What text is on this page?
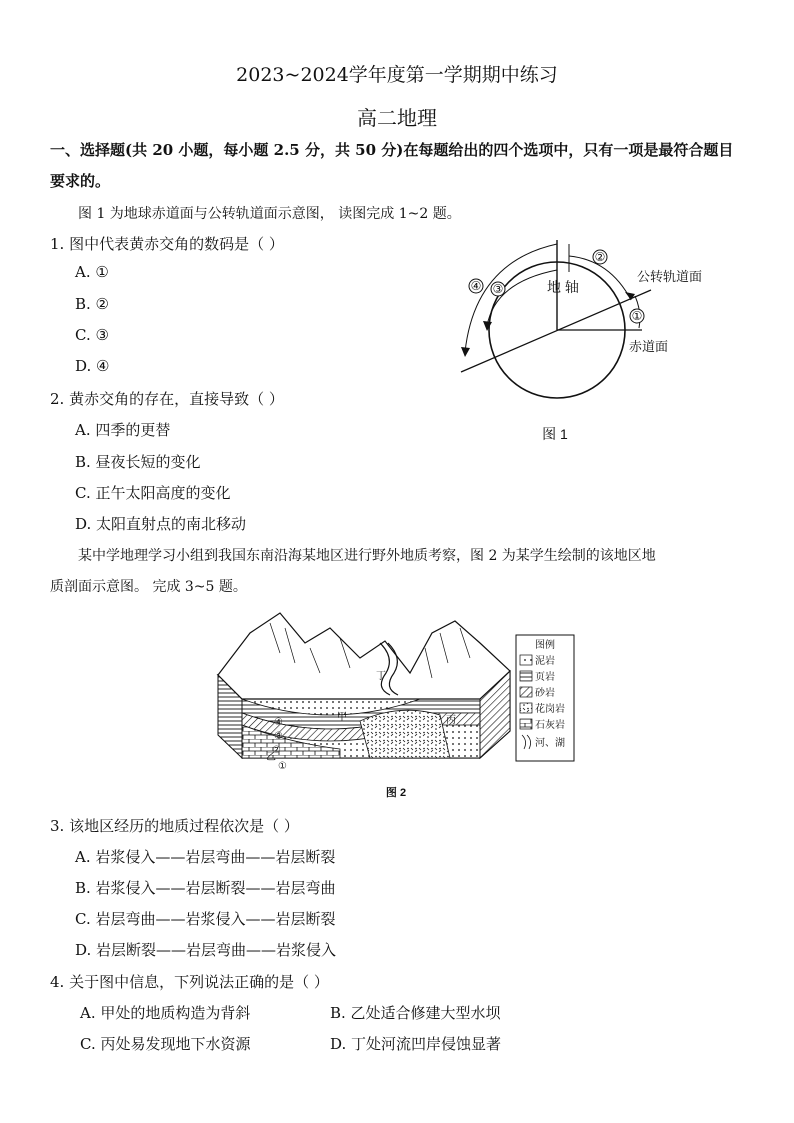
2023~2024学年度第一学期期中练习
高二地理
一、选择题(共 20 小题，每小题 2.5 分，共 50 分)在每题给出的四个选项中，只有一项是最符合题目
要求的。
图 1 为地球赤道面与公转轨道面示意图， 读图完成 1~2 题。
1. 图中代表黄赤交角的数码是（ ）
A. ①
B. ②
C. ③
D. ④
2. 黄赤交角的存在，直接导致（ ）
A. 四季的更替
B. 昼夜长短的变化
C. 正午太阳高度的变化
D. 太阳直射点的南北移动
②
④ ③
①
地 轴
公转轨道面
赤道面
图 1
某中学地理学习小组到我国东南沿海某地区进行野外地质考察，图 2 为某学生绘制的该地区地
质剖面示意图。 完成 3~5 题。
甲
乙
丙
丁
①
②
③
④
图例
泥岩
页岩
砂岩
花岗岩
石灰岩
河、湖
图 2
3. 该地区经历的地质过程依次是（ ）
A. 岩浆侵入——岩层弯曲——岩层断裂
B. 岩浆侵入——岩层断裂——岩层弯曲
C. 岩层弯曲——岩浆侵入——岩层断裂
D. 岩层断裂——岩层弯曲——岩浆侵入
4. 关于图中信息，下列说法正确的是（ ）
A. 甲处的地质构造为背斜	B. 乙处适合修建大型水坝
C. 丙处易发现地下水资源	D. 丁处河流凹岸侵蚀显著
